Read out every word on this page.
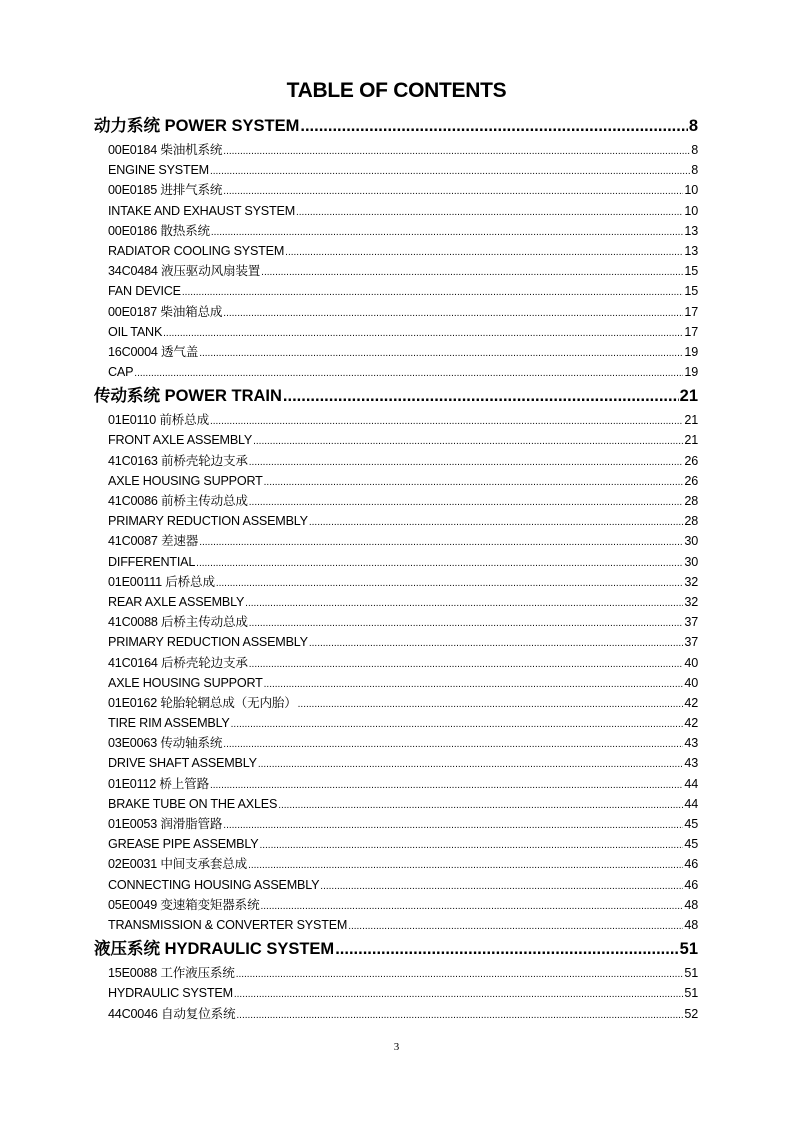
TABLE OF CONTENTS
动力系统 POWER SYSTEM .....	8
00E0184 柴油机系统 .....	8
ENGINE SYSTEM .....	8
00E0185 进排气系统 .....	10
INTAKE AND EXHAUST SYSTEM .....	10
00E0186 散热系统 .....	13
RADIATOR COOLING SYSTEM .....	13
34C0484 液压驱动风扇装置 .....	15
FAN DEVICE .....	15
00E0187 柴油箱总成 .....	17
OIL TANK .....	17
16C0004 透气盖 .....	19
CAP .....	19
传动系统 POWER TRAIN .....	21
01E0110 前桥总成 .....	21
FRONT AXLE ASSEMBLY .....	21
41C0163 前桥壳轮边支承 .....	26
AXLE HOUSING SUPPORT .....	26
41C0086 前桥主传动总成 .....	28
PRIMARY REDUCTION ASSEMBLY .....	28
41C0087 差速器 .....	30
DIFFERENTIAL .....	30
01E00111 后桥总成 .....	32
REAR AXLE ASSEMBLY .....	32
41C0088 后桥主传动总成 .....	37
PRIMARY REDUCTION ASSEMBLY .....	37
41C0164 后桥壳轮边支承 .....	40
AXLE HOUSING SUPPORT .....	40
01E0162 轮胎轮辋总成（无内胎） .....	42
TIRE RIM ASSEMBLY .....	42
03E0063 传动轴系统 .....	43
DRIVE SHAFT ASSEMBLY .....	43
01E0112 桥上管路 .....	44
BRAKE TUBE ON THE AXLES .....	44
01E0053 润滑脂管路 .....	45
GREASE PIPE ASSEMBLY .....	45
02E0031 中间支承套总成 .....	46
CONNECTING HOUSING ASSEMBLY .....	46
05E0049 变速箱变矩器系统 .....	48
TRANSMISSION & CONVERTER SYSTEM .....	48
液压系统 HYDRAULIC SYSTEM .....	51
15E0088 工作液压系统 .....	51
HYDRAULIC SYSTEM .....	51
44C0046 自动复位系统 .....	52
3
